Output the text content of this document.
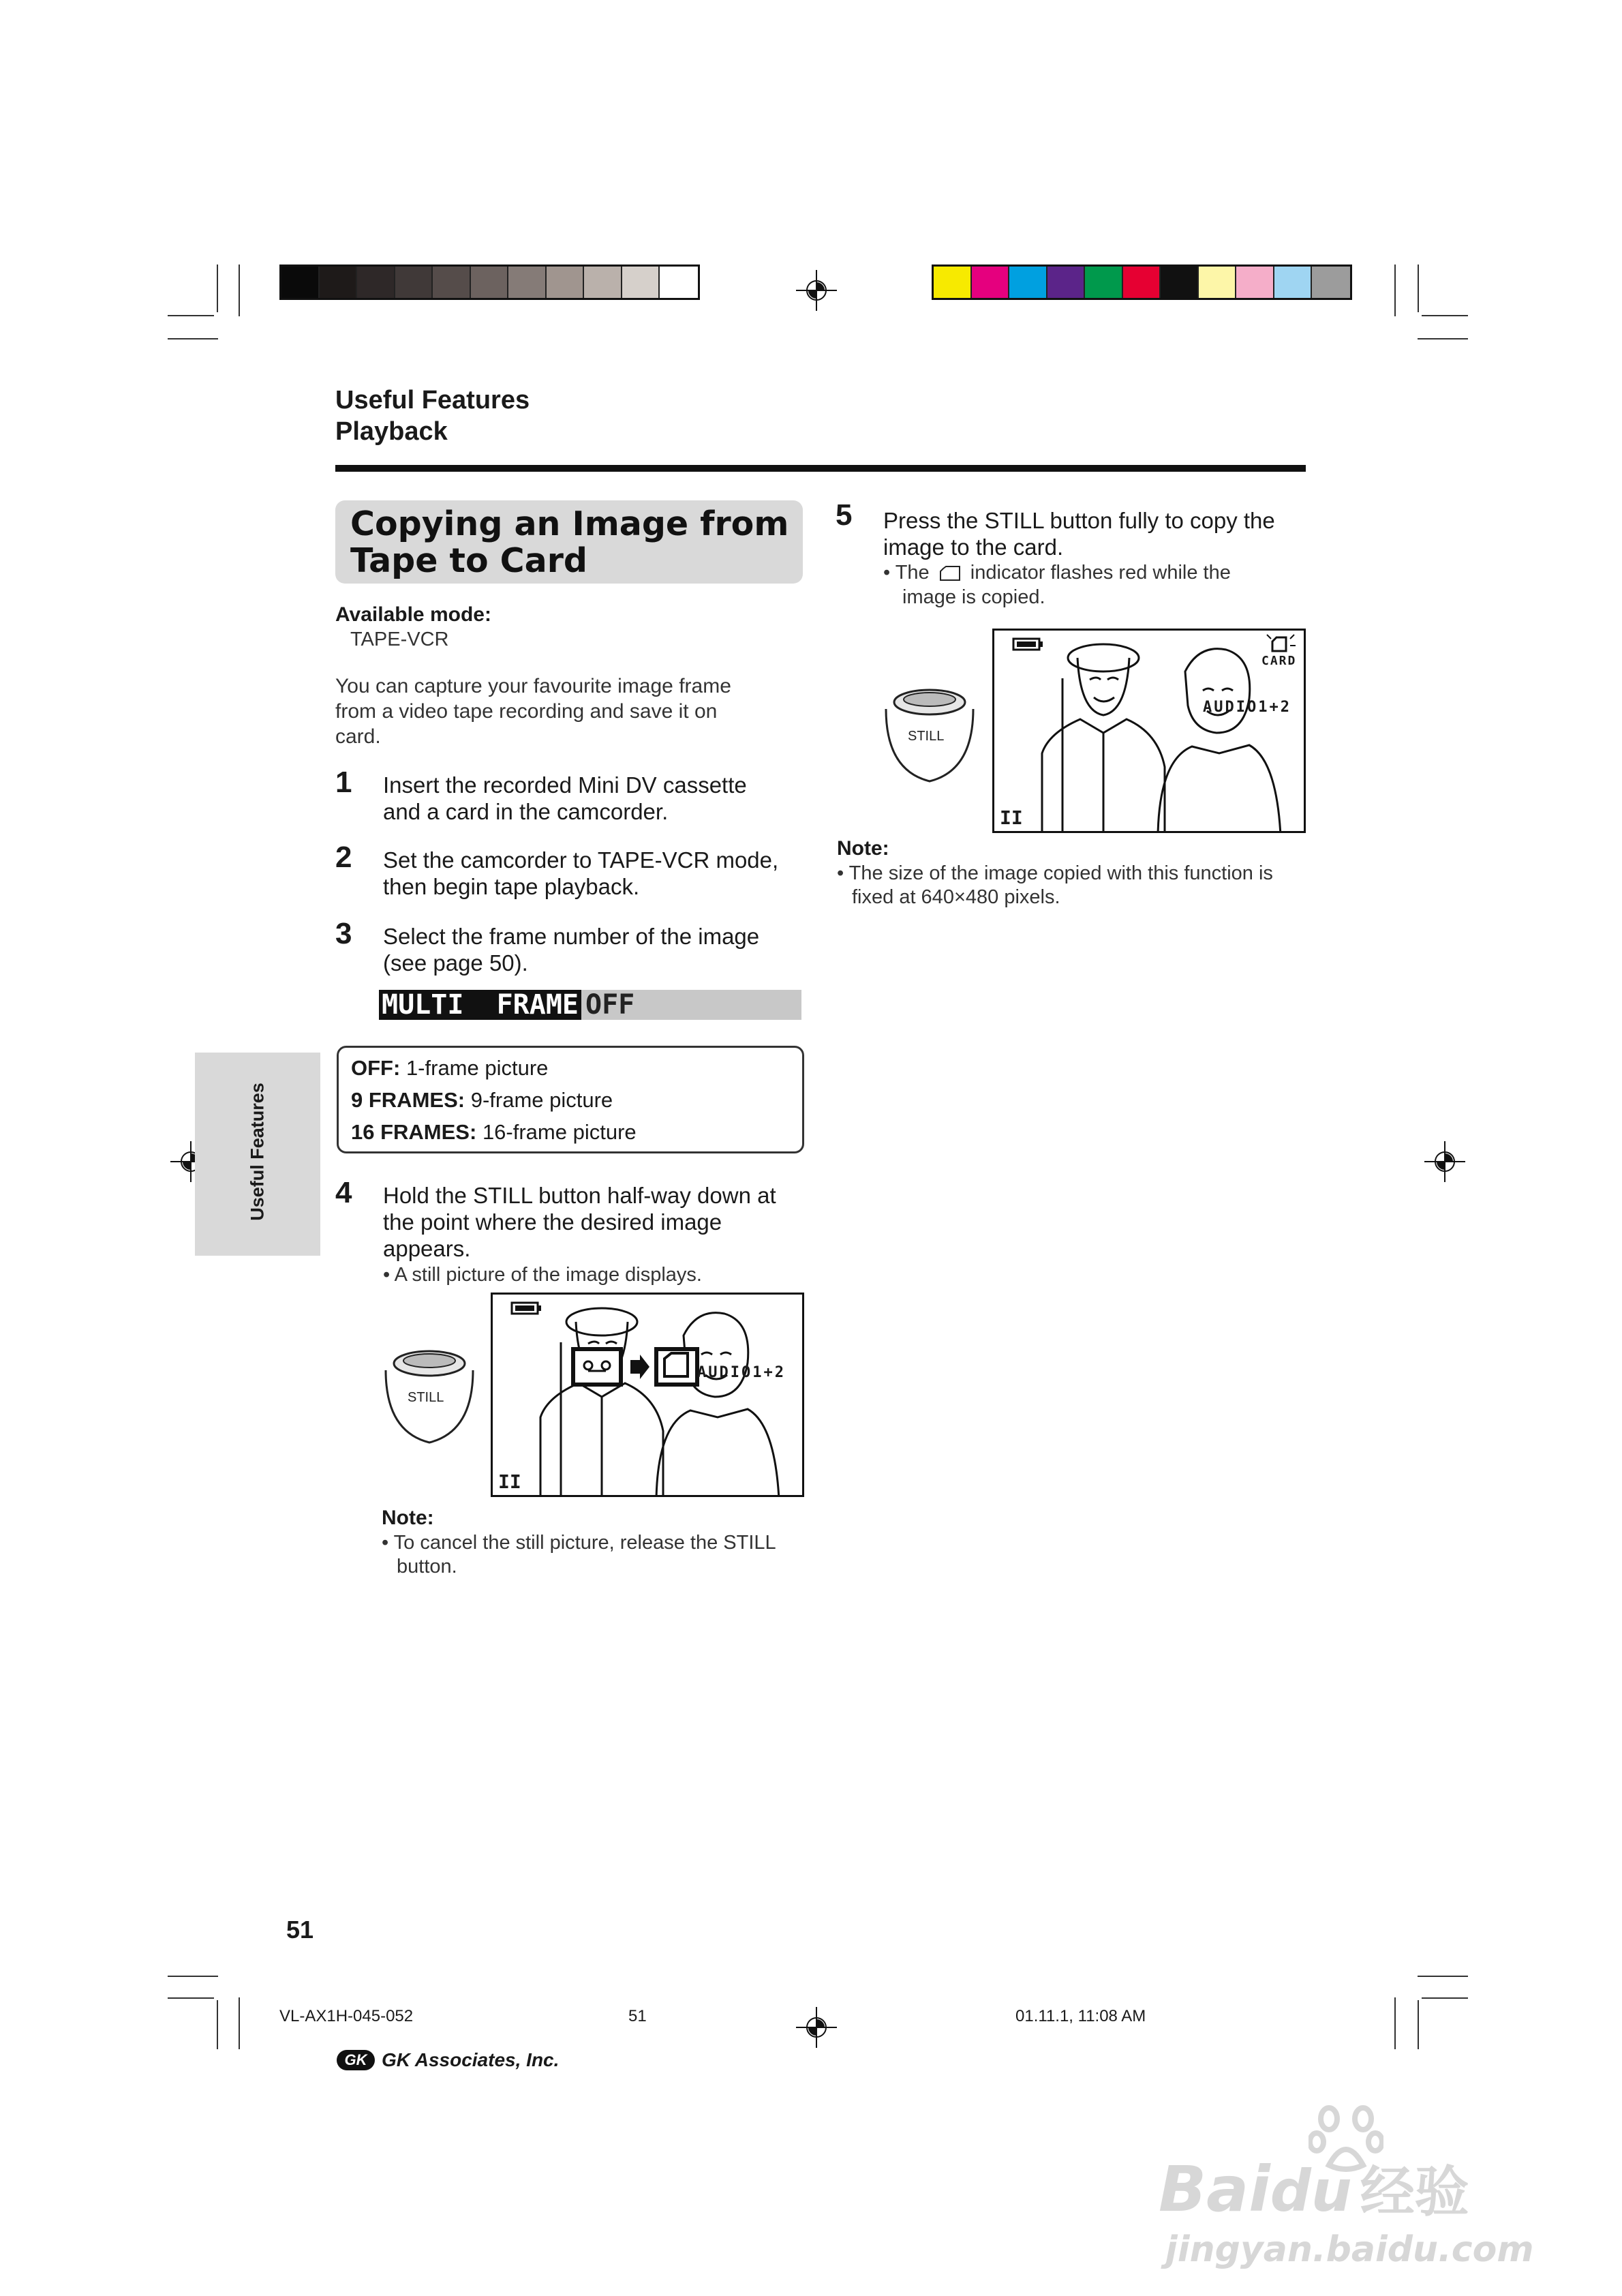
Useful Features
Playback
Copying an Image from
Tape to Card
Available mode:
TAPE-VCR
You can capture your favourite image frame
from a video tape recording and save it on
card.
1 Insert the recorded Mini DV cassette
and a card in the camcorder.
2 Set the camcorder to TAPE-VCR mode,
then begin tape playback.
3 Select the frame number of the image
(see page 50).
MULTI  FRAME OFF
OFF: 1-frame picture
9 FRAMES: 9-frame picture
16 FRAMES: 16-frame picture
Useful Features 4 Hold the STILL button half-way down at
the point where the desired image
appears.
• A still picture of the image displays.
STILL
AUDIO1+2
II
Note:
• To cancel the still picture, release the STILL
button.
5 Press the STILL button fully to copy the
image to the card.
• The indicator flashes red while the
image is copied.
STILL
CARD
AUDIO1+2
II
Note:
• The size of the image copied with this function is
fixed at 640×480 pixels.
51
VL-AX1H-045-052	51	01.11.1, 11:08 AM
GK GK Associates, Inc.
Baidu 经验
jingyan.baidu.com
